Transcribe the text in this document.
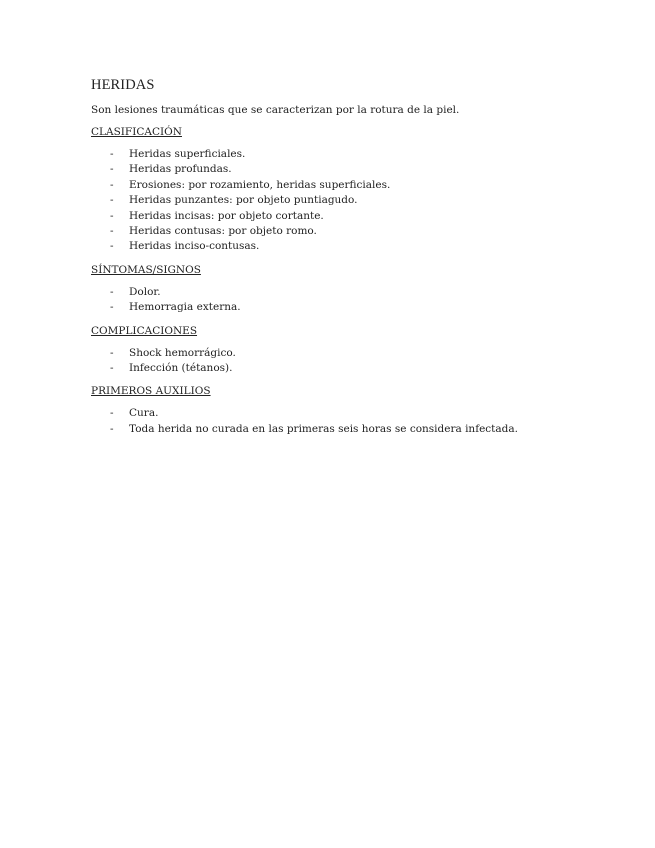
HERIDAS

Son lesiones traumáticas que se caracterizan por la rotura de la piel.

CLASIFICACIÓN
- Heridas superficiales.
- Heridas profundas.
- Erosiones: por rozamiento, heridas superficiales.
- Heridas punzantes: por objeto puntiagudo.
- Heridas incisas: por objeto cortante.
- Heridas contusas: por objeto romo.
- Heridas inciso-contusas.
SÍNTOMAS/SIGNOS
- Dolor.
- Hemorragia externa.
COMPLICACIONES
- Shock hemorrágico.
- Infección (tétanos).
PRIMEROS AUXILIOS
- Cura.
- Toda herida no curada en las primeras seis horas se considera infectada.
